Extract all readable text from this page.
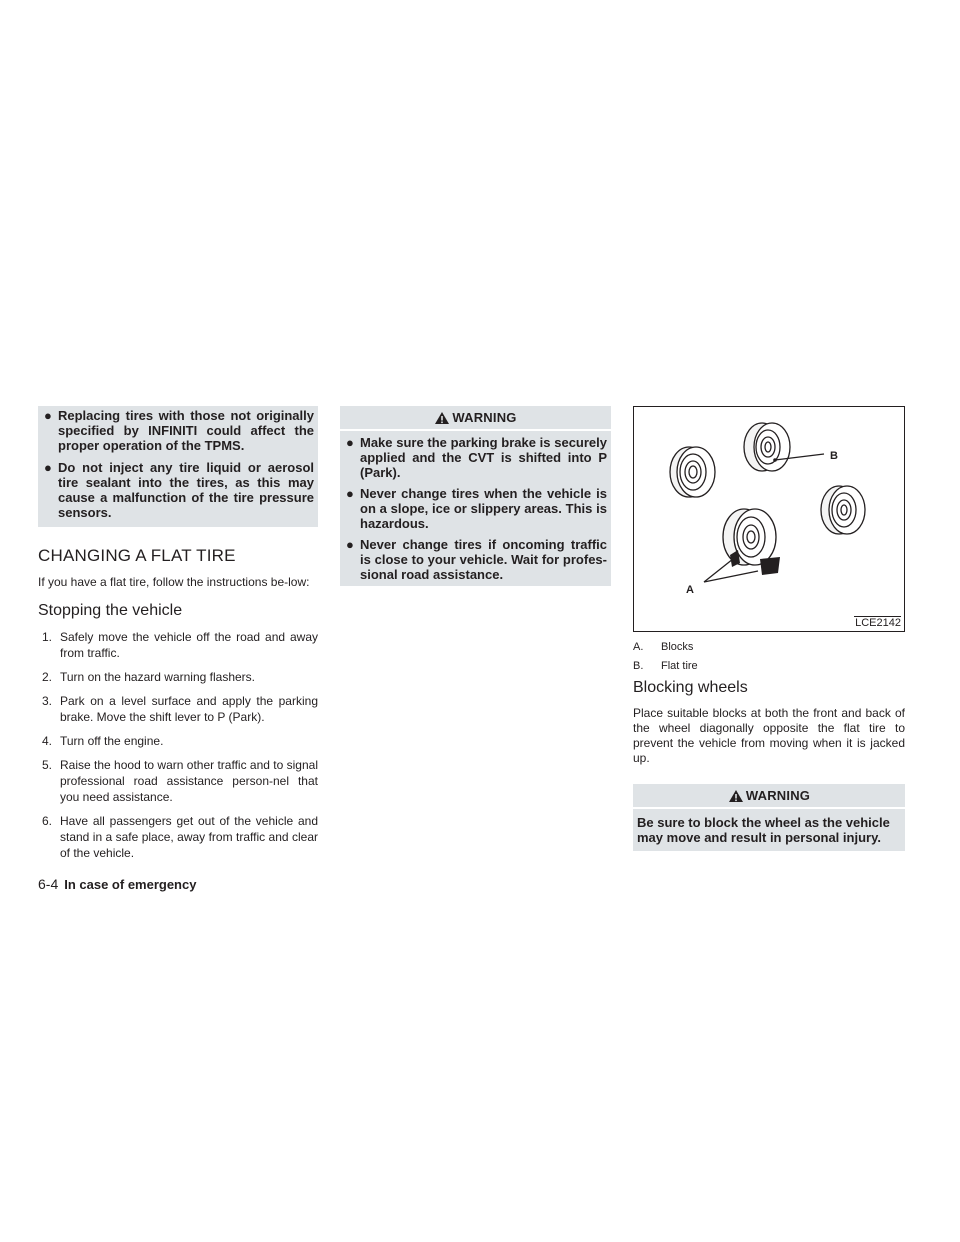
● Replacing tires with those not originally specified by INFINITI could affect the proper operation of the TPMS.
● Do not inject any tire liquid or aerosol tire sealant into the tires, as this may cause a malfunction of the tire pressure sensors.
CHANGING A FLAT TIRE

If you have a flat tire, follow the instructions be-low:

Stopping the vehicle
1. Safely move the vehicle off the road and away from traffic.
2. Turn on the hazard warning flashers.
3. Park on a level surface and apply the parking brake. Move the shift lever to P (Park).
4. Turn off the engine.
5. Raise the hood to warn other traffic and to signal professional road assistance person-nel that you need assistance.
6. Have all passengers get out of the vehicle and stand in a safe place, away from traffic and clear of the vehicle.
WARNING
● Make sure the parking brake is securely applied and the CVT is shifted into P (Park).
● Never change tires when the vehicle is on a slope, ice or slippery areas. This is hazardous.
● Never change tires if oncoming traffic is close to your vehicle. Wait for profes-sional road assistance.
B
A
LCE2142
A.	Blocks
B.	Flat tire
Blocking wheels

Place suitable blocks at both the front and back of the wheel diagonally opposite the flat tire to prevent the vehicle from moving when it is jacked up.

WARNING
Be sure to block the wheel as the vehicle may move and result in personal injury.
6-4 In case of emergency
